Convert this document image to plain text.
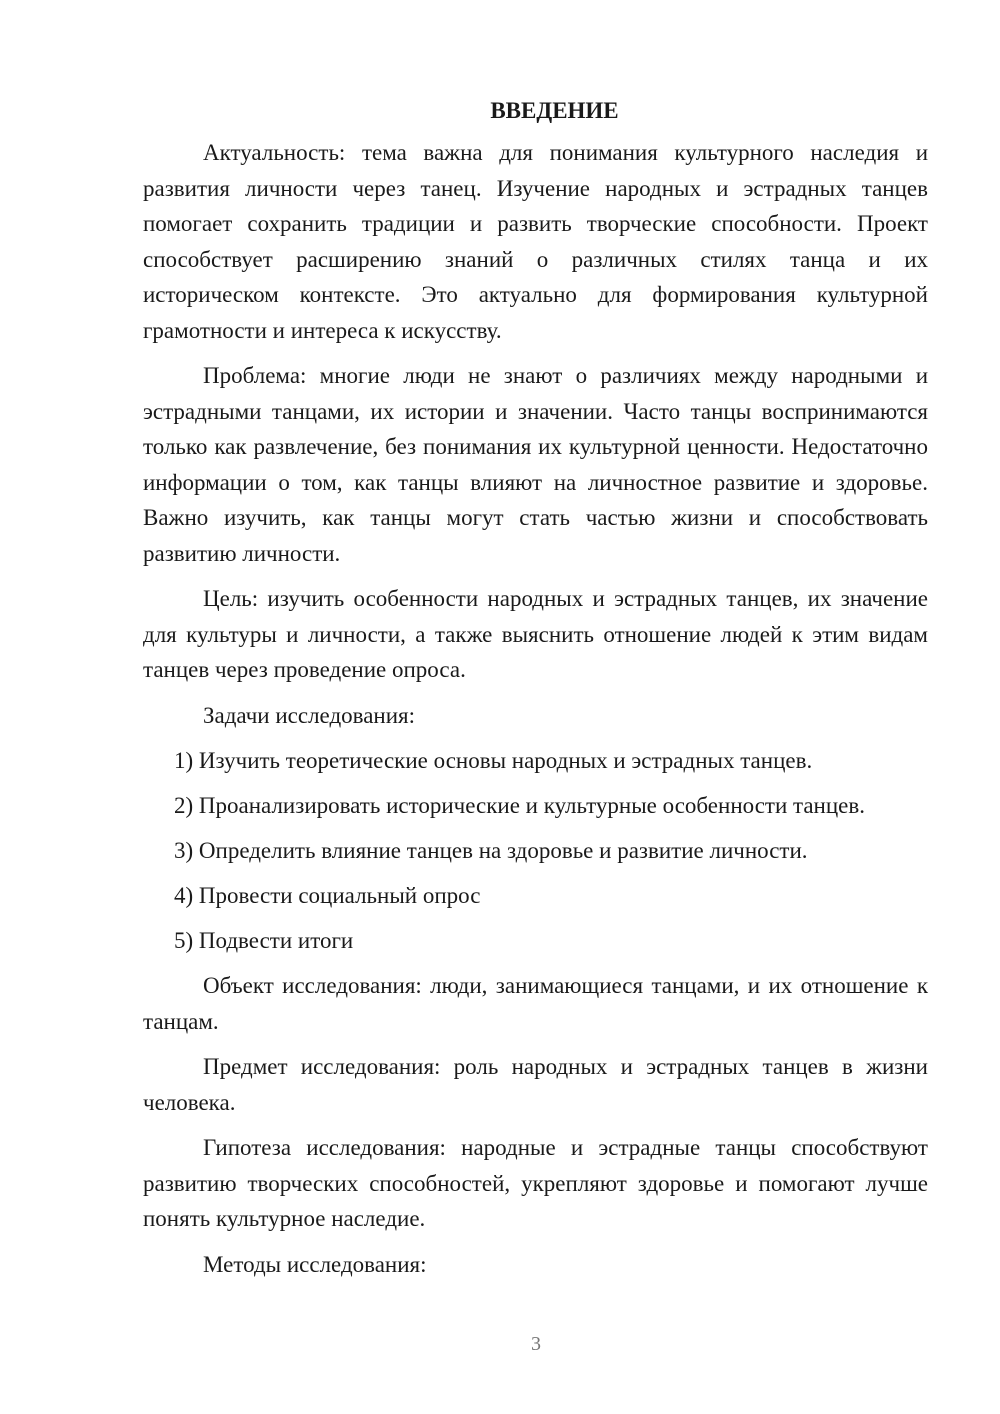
ВВЕДЕНИЕ

Актуальность: тема важна для понимания культурного наследия и развития личности через танец. Изучение народных и эстрадных танцев помогает сохранить традиции и развить творческие способности. Проект способствует расширению знаний о различных стилях танца и их историческом контексте. Это актуально для формирования культурной грамотности и интереса к искусству.

Проблема: многие люди не знают о различиях между народными и эстрадными танцами, их истории и значении. Часто танцы воспринимаются только как развлечение, без понимания их культурной ценности. Недостаточно информации о том, как танцы влияют на личностное развитие и здоровье. Важно изучить, как танцы могут стать частью жизни и способствовать развитию личности.

Цель: изучить особенности народных и эстрадных танцев, их значение для культуры и личности, а также выяснить отношение людей к этим видам танцев через проведение опроса.

Задачи исследования:
1) Изучить теоретические основы народных и эстрадных танцев.
2) Проанализировать исторические и культурные особенности танцев.
3) Определить влияние танцев на здоровье и развитие личности.
4) Провести социальный опрос
5) Подвести итоги

Объект исследования: люди, занимающиеся танцами, и их отношение к танцам.

Предмет исследования: роль народных и эстрадных танцев в жизни человека.

Гипотеза исследования: народные и эстрадные танцы способствуют развитию творческих способностей, укрепляют здоровье и помогают лучше понять культурное наследие.

Методы исследования:
3
